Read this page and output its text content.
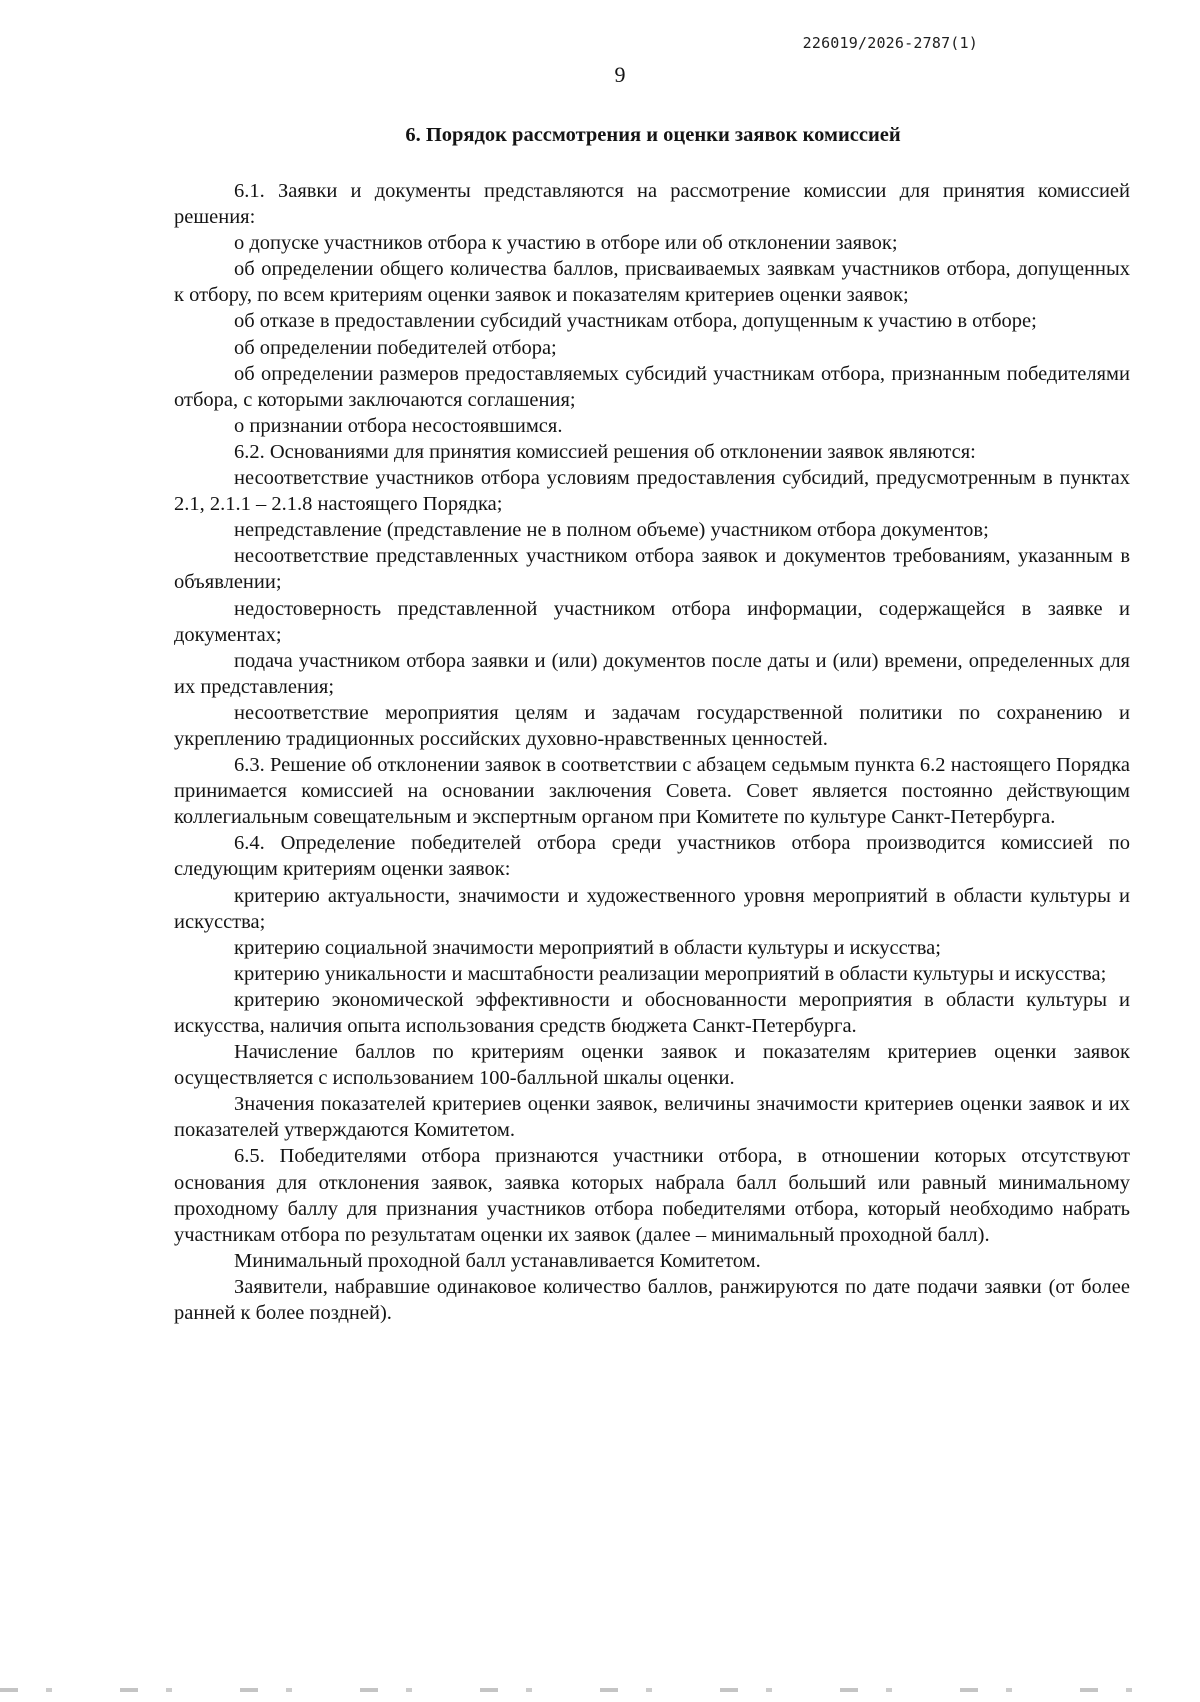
226019/2026-2787(1)
9
6. Порядок рассмотрения и оценки заявок комиссией

6.1. Заявки и документы представляются на рассмотрение комиссии для принятия комиссией решения:

о допуске участников отбора к участию в отборе или об отклонении заявок;

об определении общего количества баллов, присваиваемых заявкам участников отбора, допущенных к отбору, по всем критериям оценки заявок и показателям критериев оценки заявок;

об отказе в предоставлении субсидий участникам отбора, допущенным к участию в отборе;

об определении победителей отбора;

об определении размеров предоставляемых субсидий участникам отбора, признанным победителями отбора, с которыми заключаются соглашения;

о признании отбора несостоявшимся.

6.2. Основаниями для принятия комиссией решения об отклонении заявок являются:

несоответствие участников отбора условиям предоставления субсидий, предусмотренным в пунктах 2.1, 2.1.1 – 2.1.8 настоящего Порядка;

непредставление (представление не в полном объеме) участником отбора документов;

несоответствие представленных участником отбора заявок и документов требованиям, указанным в объявлении;

недостоверность представленной участником отбора информации, содержащейся в заявке и документах;

подача участником отбора заявки и (или) документов после даты и (или) времени, определенных для их представления;

несоответствие мероприятия целям и задачам государственной политики по сохранению и укреплению традиционных российских духовно-нравственных ценностей.

6.3. Решение об отклонении заявок в соответствии с абзацем седьмым пункта 6.2 настоящего Порядка принимается комиссией на основании заключения Совета. Совет является постоянно действующим коллегиальным совещательным и экспертным органом при Комитете по культуре Санкт-Петербурга.

6.4. Определение победителей отбора среди участников отбора производится комиссией по следующим критериям оценки заявок:

критерию актуальности, значимости и художественного уровня мероприятий в области культуры и искусства;

критерию социальной значимости мероприятий в области культуры и искусства;

критерию уникальности и масштабности реализации мероприятий в области культуры и искусства;

критерию экономической эффективности и обоснованности мероприятия в области культуры и искусства, наличия опыта использования средств бюджета Санкт-Петербурга.

Начисление баллов по критериям оценки заявок и показателям критериев оценки заявок осуществляется с использованием 100-балльной шкалы оценки.

Значения показателей критериев оценки заявок, величины значимости критериев оценки заявок и их показателей утверждаются Комитетом.

6.5. Победителями отбора признаются участники отбора, в отношении которых отсутствуют основания для отклонения заявок, заявка которых набрала балл больший или равный минимальному проходному баллу для признания участников отбора победителями отбора, который необходимо набрать участникам отбора по результатам оценки их заявок (далее – минимальный проходной балл).

Минимальный проходной балл устанавливается Комитетом.

Заявители, набравшие одинаковое количество баллов, ранжируются по дате подачи заявки (от более ранней к более поздней).
